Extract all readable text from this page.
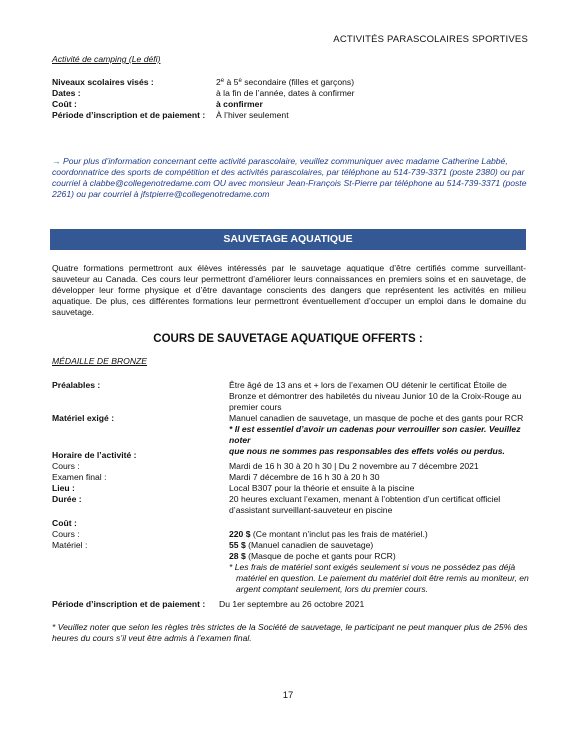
ACTIVITÉS PARASCOLAIRES SPORTIVES
Activité de camping (Le défi)
Niveaux scolaires visés :	2e à 5e secondaire (filles et garçons)
Dates :	à la fin de l’année, dates à confirmer
Coût :	à confirmer
Période d’inscription et de paiement : À l’hiver seulement
→ Pour plus d’information concernant cette activité parascolaire, veuillez communiquer avec madame Catherine Labbé,
coordonnatrice des sports de compétition et des activités parascolaires, par téléphone au 514-739-3371 (poste 2380) ou par
courriel à clabbe@collegenotredame.com OU avec monsieur Jean-François St-Pierre par téléphone au 514-739-3371 (poste
2261) ou par courriel à jfstpierre@collegenotredame.com
SAUVETAGE AQUATIQUE
Quatre formations permettront aux élèves intéressés par le sauvetage aquatique d’être certifiés comme surveillant-sauveteur au Canada. Ces cours leur permettront d’améliorer leurs connaissances en premiers soins et en sauvetage, de développer leur forme physique et d’être davantage conscients des dangers que représentent les activités en milieu aquatique. De plus, ces différentes formations leur permettront éventuellement d’occuper un emploi dans le domaine du sauvetage.
COURS DE SAUVETAGE AQUATIQUE OFFERTS :
MÉDAILLE DE BRONZE
Préalables :	Être âgé de 13 ans et + lors de l’examen OU détenir le certificat Étoile de
Bronze et démontrer des habiletés du niveau Junior 10 de la Croix-Rouge au
premier cours
Matériel exigé :	Manuel canadien de sauvetage, un masque de poche et des gants pour RCR
* Il est essentiel d’avoir un cadenas pour verrouiller son casier. Veuillez noter
que nous ne sommes pas responsables des effets volés ou perdus.
Horaire de l’activité :
Cours :	Mardi de 16 h 30 à 20 h 30 | Du 2 novembre au 7 décembre 2021
Examen final :	Mardi 7 décembre de 16 h 30 à 20 h 30
Lieu :	Local B307 pour la théorie et ensuite à la piscine
Durée :	20 heures excluant l’examen, menant à l’obtention d’un certificat officiel
d’assistant surveillant-sauveteur en piscine
Coût :
Cours :	220 $ (Ce montant n’inclut pas les frais de matériel.)
Matériel :	55 $ (Manuel canadien de sauvetage)
28 $ (Masque de poche et gants pour RCR)
* Les frais de matériel sont exigés seulement si vous ne possédez pas déjà
matériel en question. Le paiement du matériel doit être remis au moniteur, en
argent comptant seulement, lors du premier cours.
Période d’inscription et de paiement : Du 1er septembre au 26 octobre 2021
* Veuillez noter que selon les règles très strictes de la Société de sauvetage, le participant ne peut manquer plus de 25% des
heures du cours s’il veut être admis à l’examen final.
17
